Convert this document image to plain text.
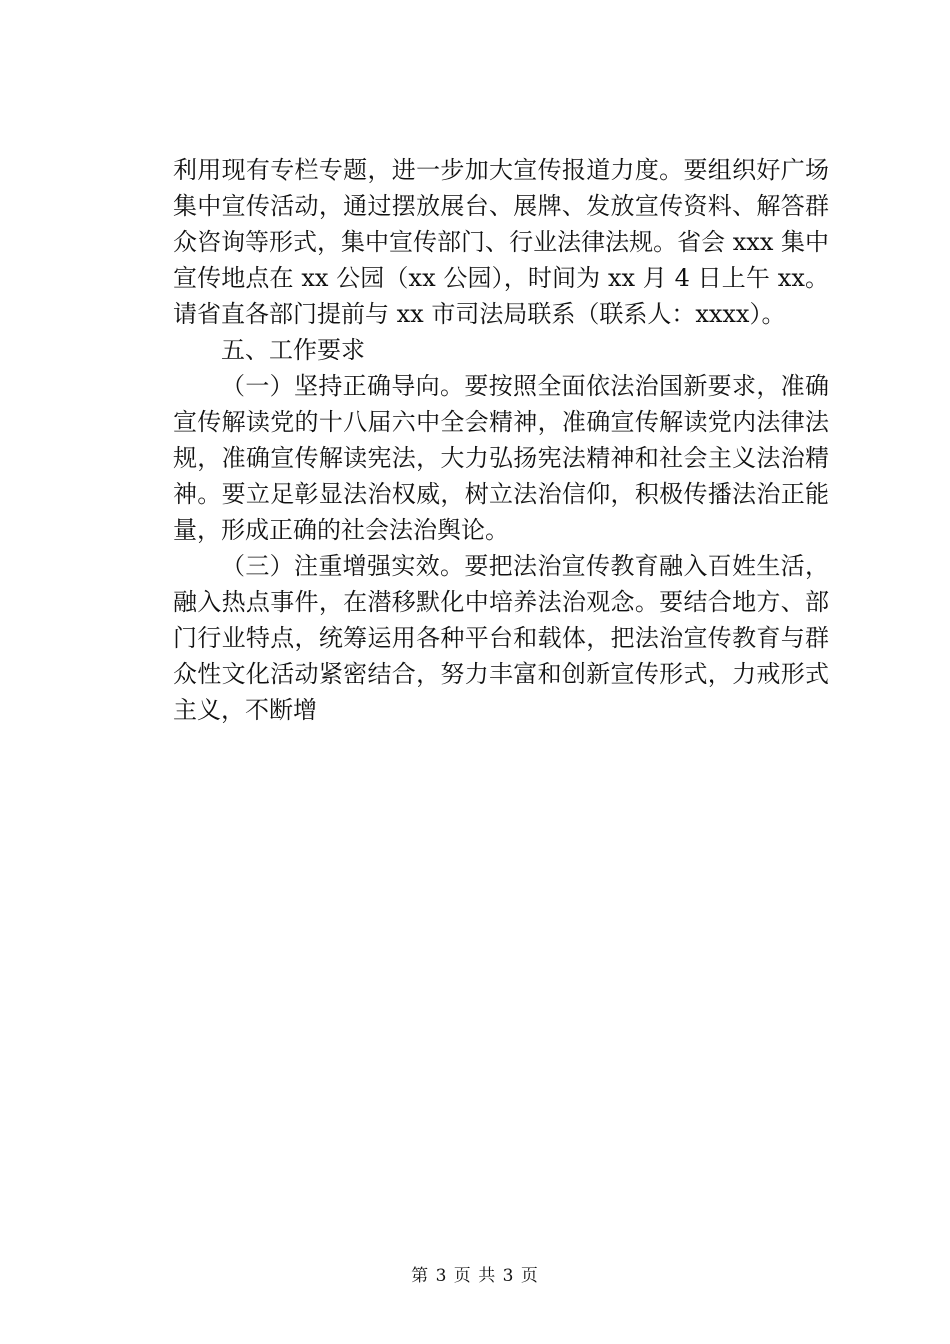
利用现有专栏专题，进一步加大宣传报道力度。要组织好广场集中宣传活动，通过摆放展台、展牌、发放宣传资料、解答群众咨询等形式，集中宣传部门、行业法律法规。省会 xxx 集中宣传地点在 xx 公园（xx 公园），时间为 xx 月 4 日上午 xx。请省直各部门提前与 xx 市司法局联系（联系人：xxxx）。

五、工作要求

（一）坚持正确导向。要按照全面依法治国新要求，准确宣传解读党的十八届六中全会精神，准确宣传解读党内法律法规，准确宣传解读宪法，大力弘扬宪法精神和社会主义法治精神。要立足彰显法治权威，树立法治信仰，积极传播法治正能量，形成正确的社会法治舆论。

（三）注重增强实效。要把法治宣传教育融入百姓生活，融入热点事件，在潜移默化中培养法治观念。要结合地方、部门行业特点，统筹运用各种平台和载体，把法治宣传教育与群众性文化活动紧密结合，努力丰富和创新宣传形式，力戒形式主义，不断增

第 3 页 共 3 页
